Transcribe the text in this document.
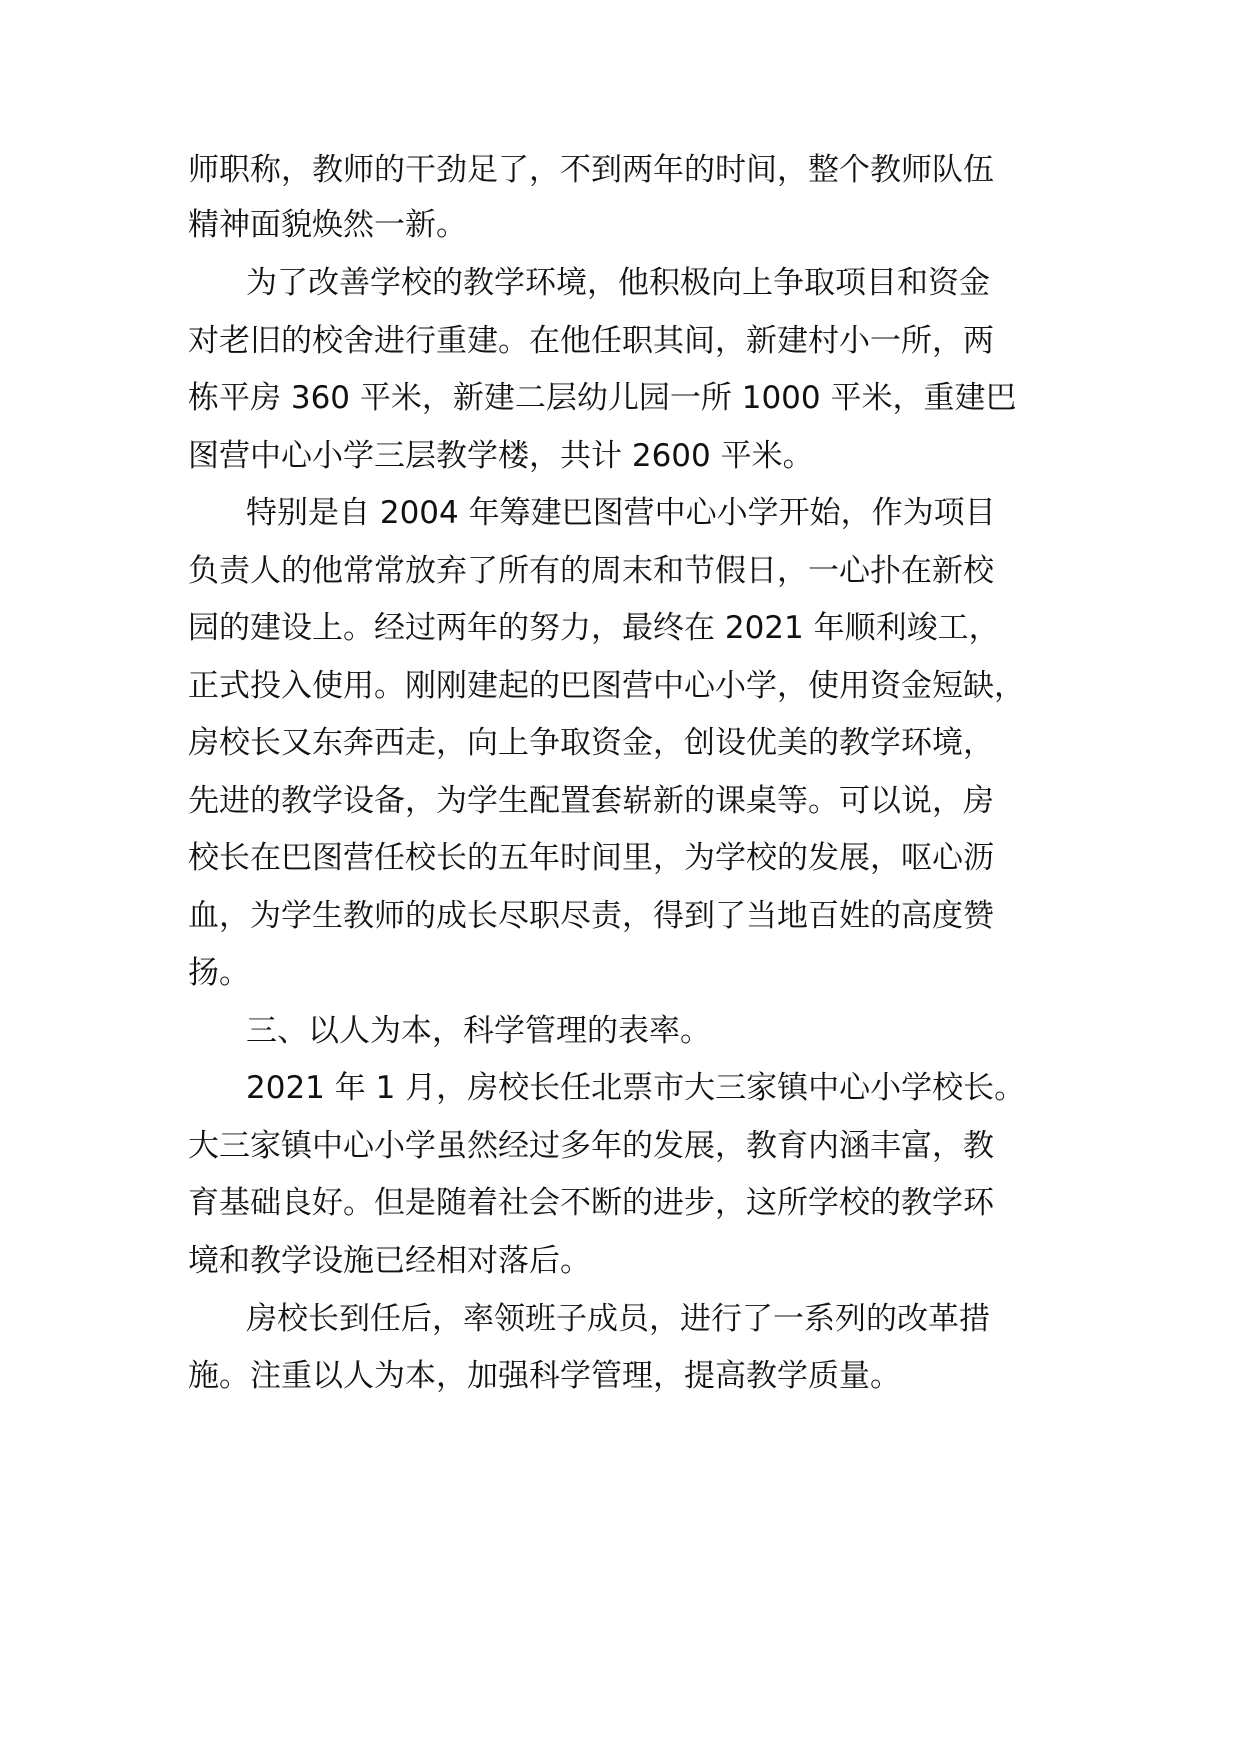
师职称，教师的干劲足了，不到两年的时间，整个教师队伍

精神面貌焕然一新。

为了改善学校的教学环境，他积极向上争取项目和资金

对老旧的校舍进行重建。在他任职其间，新建村小一所，两

栋平房 360 平米，新建二层幼儿园一所 1000 平米，重建巴

图营中心小学三层教学楼，共计 2600 平米。

特别是自 2004 年筹建巴图营中心小学开始，作为项目

负责人的他常常放弃了所有的周末和节假日，一心扑在新校

园的建设上。经过两年的努力，最终在 2021 年顺利竣工，

正式投入使用。刚刚建起的巴图营中心小学，使用资金短缺，

房校长又东奔西走，向上争取资金，创设优美的教学环境，

先进的教学设备，为学生配置套崭新的课桌等。可以说，房

校长在巴图营任校长的五年时间里，为学校的发展，呕心沥

血，为学生教师的成长尽职尽责，得到了当地百姓的高度赞

扬。

三、以人为本，科学管理的表率。

2021 年 1 月，房校长任北票市大三家镇中心小学校长。

大三家镇中心小学虽然经过多年的发展，教育内涵丰富，教

育基础良好。但是随着社会不断的进步，这所学校的教学环

境和教学设施已经相对落后。

房校长到任后，率领班子成员，进行了一系列的改革措

施。注重以人为本，加强科学管理，提高教学质量。
